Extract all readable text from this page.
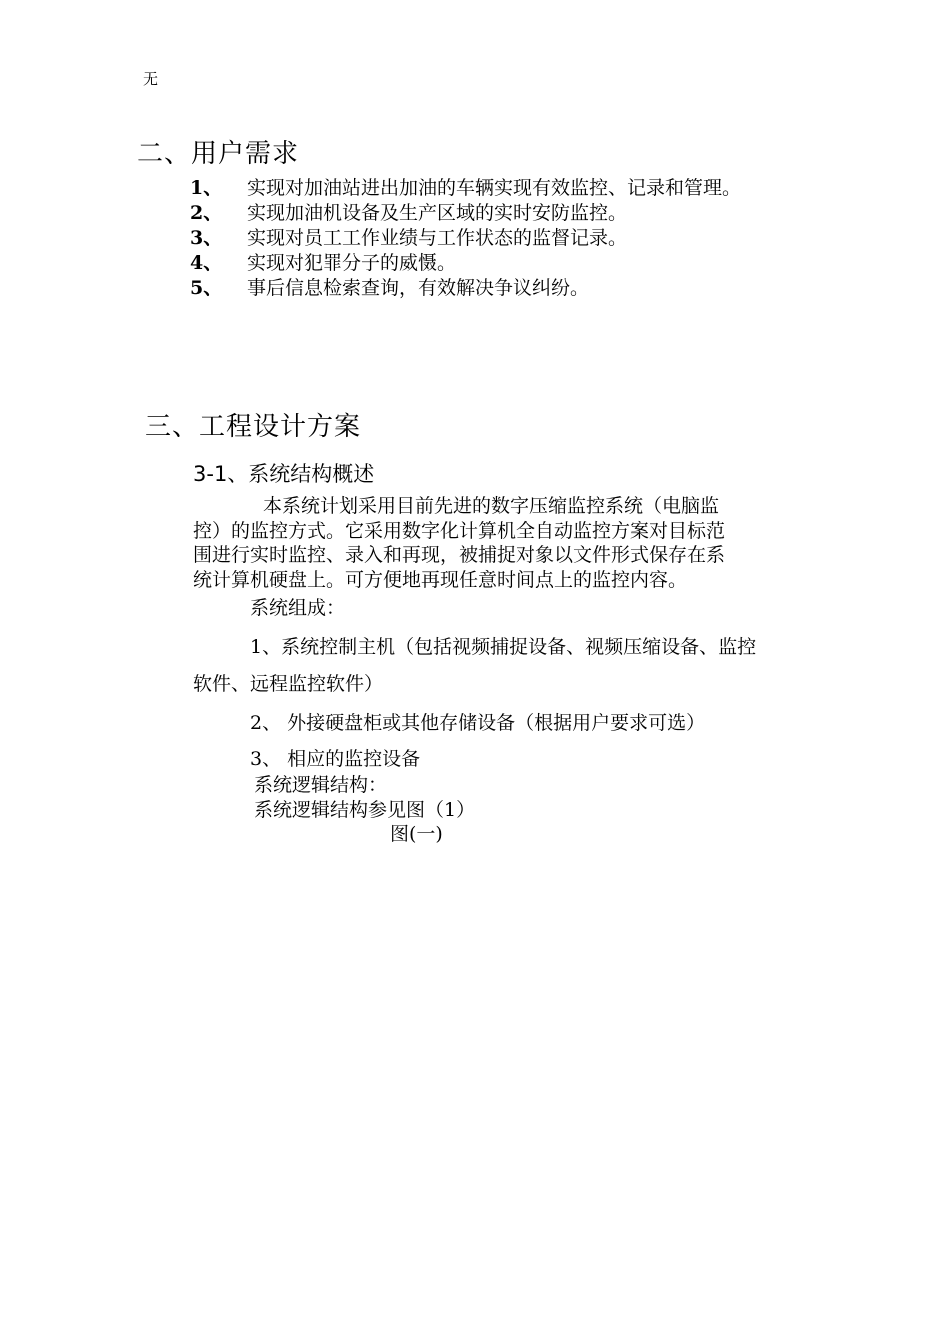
无
二、用户需求
1、	实现对加油站进出加油的车辆实现有效监控、记录和管理。
2、	实现加油机设备及生产区域的实时安防监控。
3、	实现对员工工作业绩与工作状态的监督记录。
4、	实现对犯罪分子的威慑。
5、	事后信息检索查询，有效解决争议纠纷。
三、工程设计方案
3-1、系统结构概述
本系统计划采用目前先进的数字压缩监控系统（电脑监
控）的监控方式。它采用数字化计算机全自动监控方案对目标范
围进行实时监控、录入和再现，被捕捉对象以文件形式保存在系
统计算机硬盘上。可方便地再现任意时间点上的监控内容。
系统组成：
1、系统控制主机（包括视频捕捉设备、视频压缩设备、监控
软件、远程监控软件）
2、 外接硬盘柜或其他存储设备（根据用户要求可选）
3、 相应的监控设备
系统逻辑结构：
系统逻辑结构参见图（1）
图(一)
